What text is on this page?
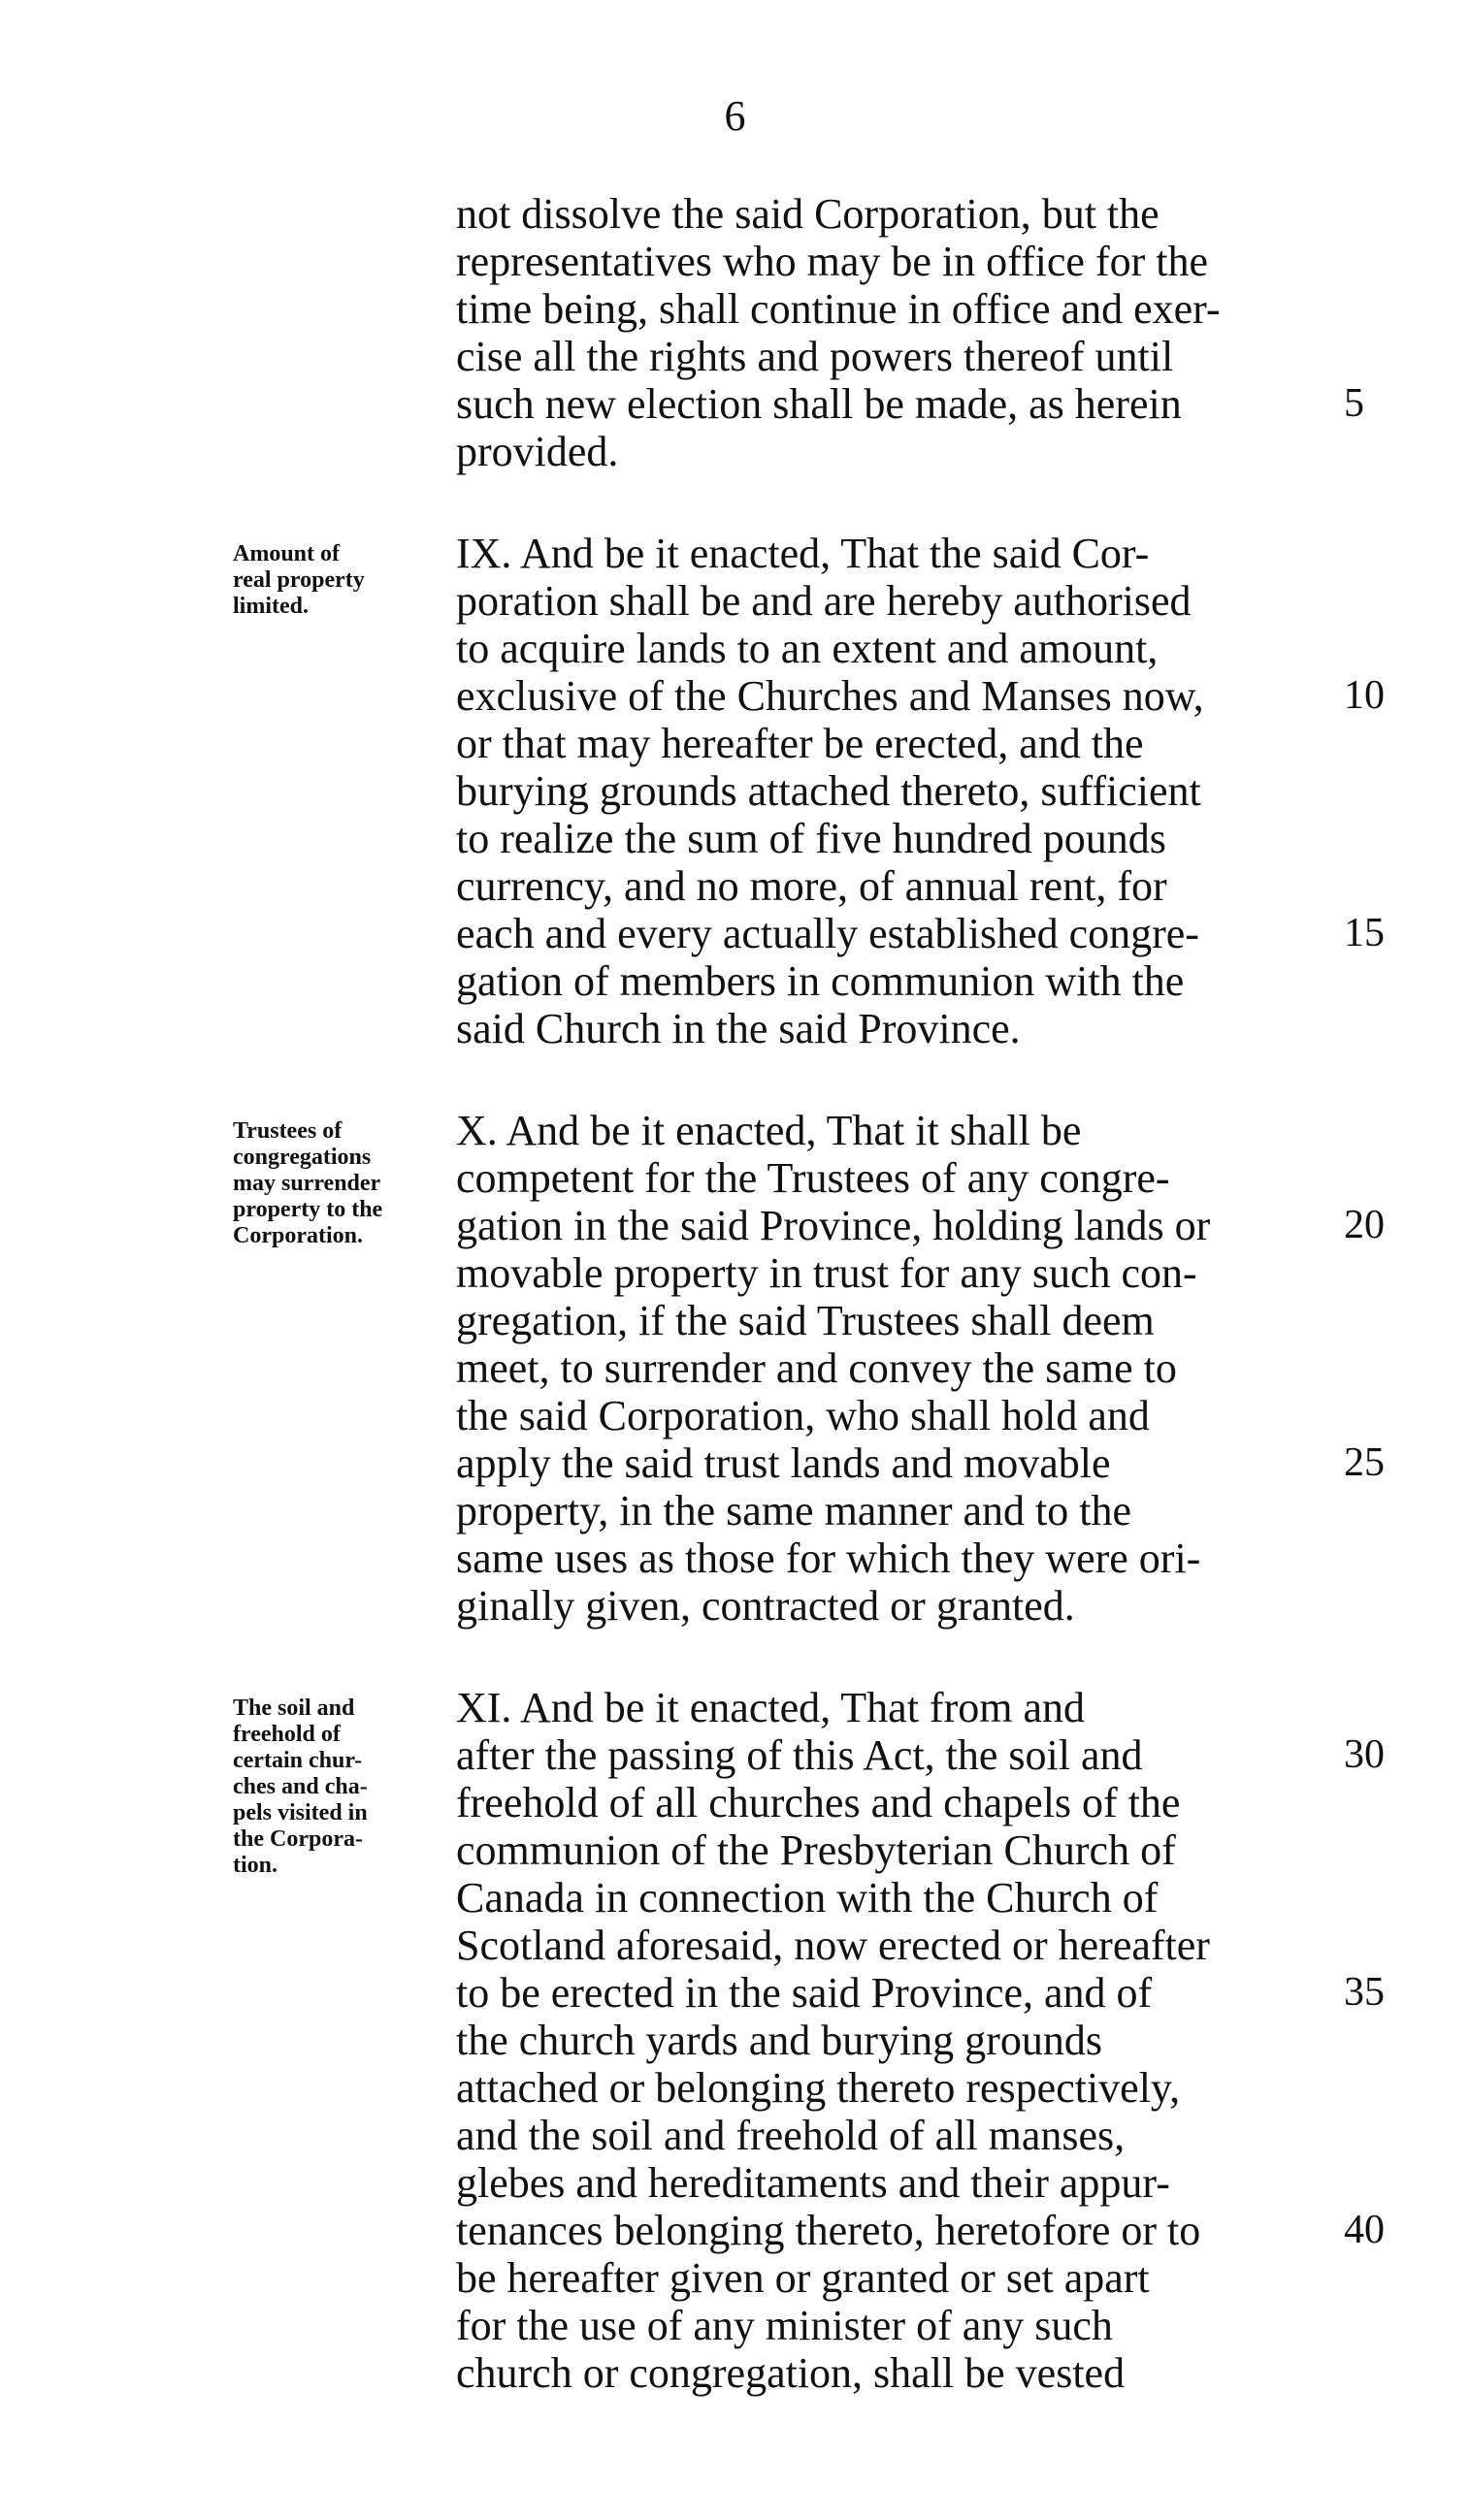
6
not dissolve the said Corporation, but the
representatives who may be in office for the
time being, shall continue in office and exer-
cise all the rights and powers thereof until
such new election shall be made, as herein	5
provided.
IX. And be it enacted, That the said Cor-
poration shall be and are hereby authorised
to acquire lands to an extent and amount,
exclusive of the Churches and Manses now,	10
or that may hereafter be erected, and the
burying grounds attached thereto, sufficient
to realize the sum of five hundred pounds
currency, and no more, of annual rent, for
each and every actually established congre-	15
gation of members in communion with the
said Church in the said Province.
X. And be it enacted, That it shall be
competent for the Trustees of any congre-
gation in the said Province, holding lands or	20
movable property in trust for any such con-
gregation, if the said Trustees shall deem
meet, to surrender and convey the same to
the said Corporation, who shall hold and
apply the said trust lands and movable	25
property, in the same manner and to the
same uses as those for which they were ori-
ginally given, contracted or granted.
XI. And be it enacted, That from and
after the passing of this Act, the soil and	30
freehold of all churches and chapels of the
communion of the Presbyterian Church of
Canada in connection with the Church of
Scotland aforesaid, now erected or hereafter
to be erected in the said Province, and of	35
the church yards and burying grounds
attached or belonging thereto respectively,
and the soil and freehold of all manses,
glebes and hereditaments and their appur-
tenances belonging thereto, heretofore or to	40
be hereafter given or granted or set apart
for the use of any minister of any such
church or congregation, shall be vested
Amount of
real property
limited.
Trustees of
congregations
may surrender
property to the
Corporation.
The soil and
freehold of
certain chur-
ches and cha-
pels visited in
the Corpora-
tion.
